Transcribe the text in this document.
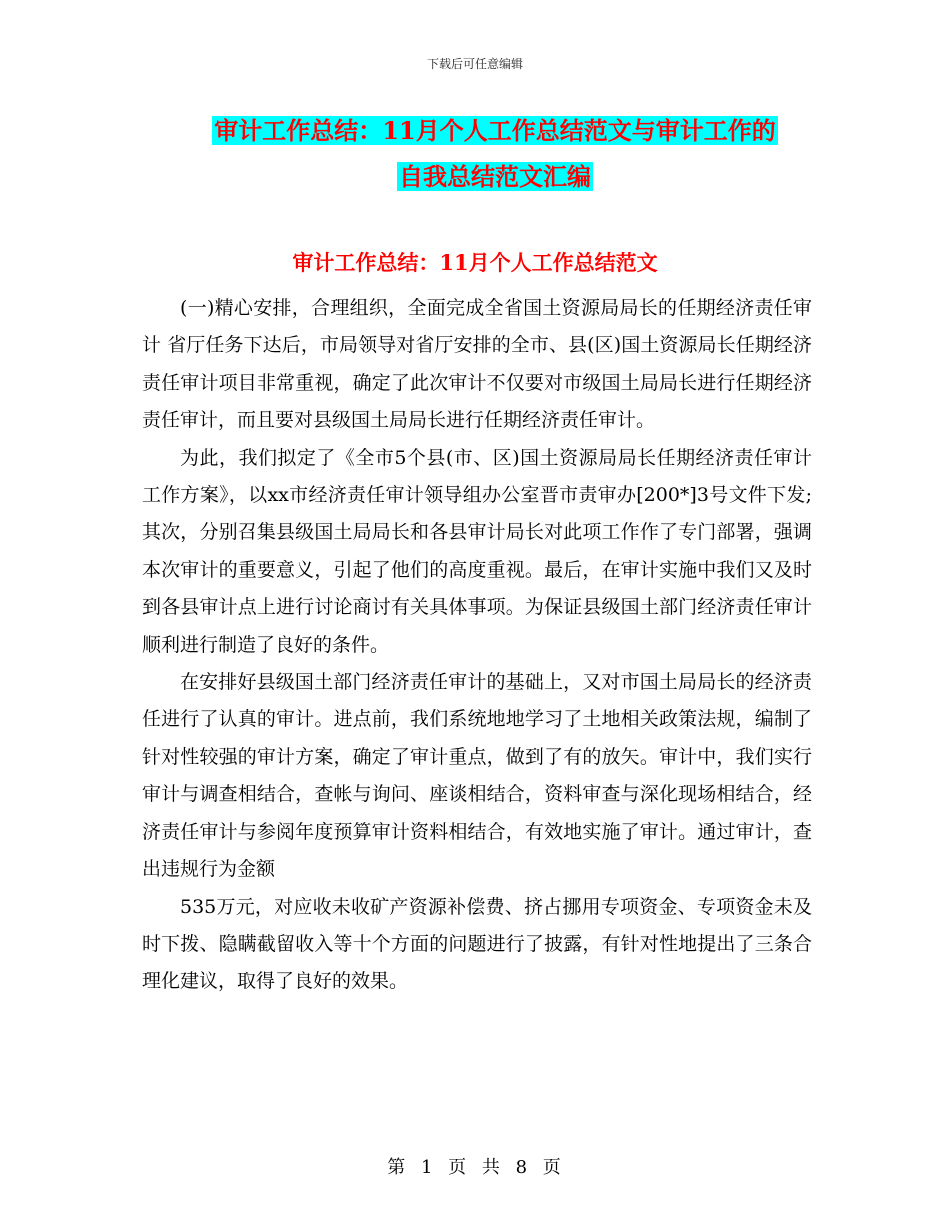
下载后可任意编辑
审计工作总结：11月个人工作总结范文与审计工作的
自我总结范文汇编
审计工作总结：11月个人工作总结范文

(一)精心安排，合理组织，全面完成全省国土资源局局长的任期经济责任审计 省厅任务下达后，市局领导对省厅安排的全市、县(区)国土资源局长任期经济责任审计项目非常重视，确定了此次审计不仅要对市级国土局局长进行任期经济责任审计，而且要对县级国土局局长进行任期经济责任审计。

为此，我们拟定了《全市5个县(市、区)国土资源局局长任期经济责任审计工作方案》，以xx市经济责任审计领导组办公室晋市责审办[200*]3号文件下发;其次，分别召集县级国土局局长和各县审计局长对此项工作作了专门部署，强调本次审计的重要意义，引起了他们的高度重视。最后，在审计实施中我们又及时到各县审计点上进行讨论商讨有关具体事项。为保证县级国土部门经济责任审计顺利进行制造了良好的条件。

在安排好县级国土部门经济责任审计的基础上，又对市国土局局长的经济责任进行了认真的审计。进点前，我们系统地地学习了土地相关政策法规，编制了针对性较强的审计方案，确定了审计重点，做到了有的放矢。审计中，我们实行审计与调查相结合，查帐与询问、座谈相结合，资料审查与深化现场相结合，经济责任审计与参阅年度预算审计资料相结合，有效地实施了审计。通过审计，查出违规行为金额

535万元，对应收未收矿产资源补偿费、挤占挪用专项资金、专项资金未及时下拨、隐瞒截留收入等十个方面的问题进行了披露，有针对性地提出了三条合理化建议，取得了良好的效果。

第 1 页 共 8 页
